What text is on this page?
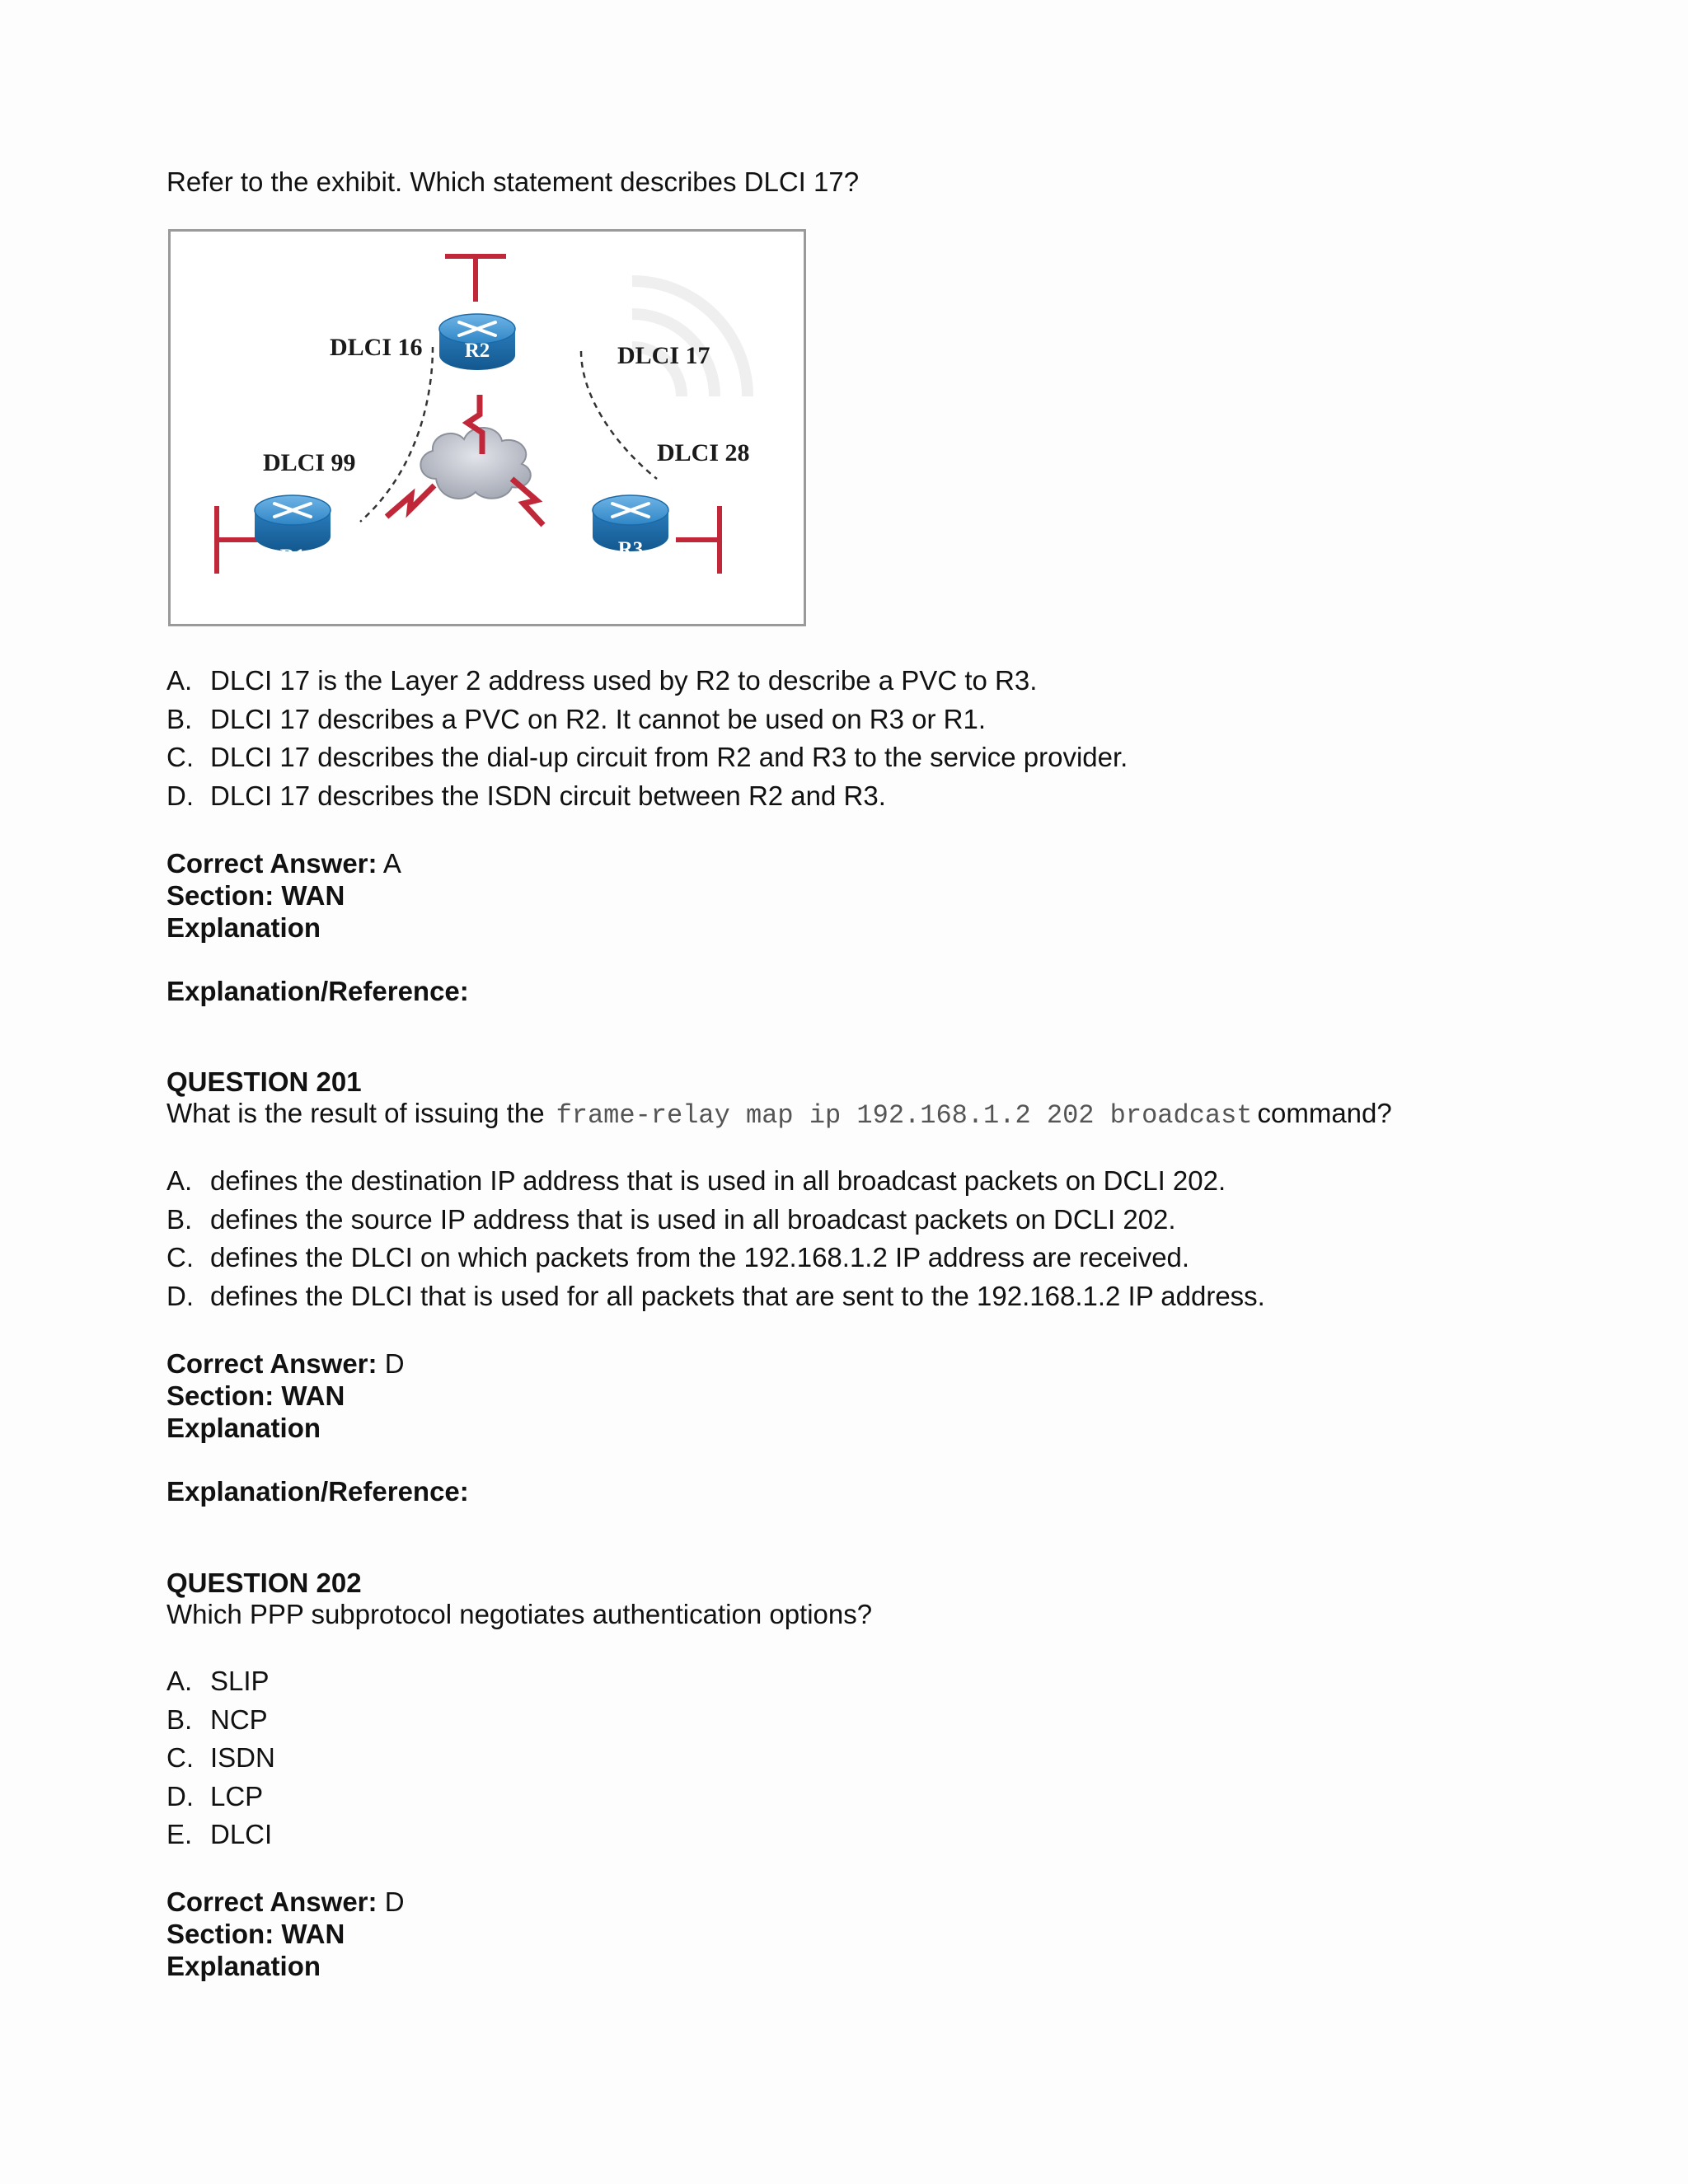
Refer to the exhibit. Which statement describes DLCI 17?
R2
R1	R3
DLCI 16	DLCI 17
DLCI 99	DLCI 28
A. DLCI 17 is the Layer 2 address used by R2 to describe a PVC to R3.
B. DLCI 17 describes a PVC on R2. It cannot be used on R3 or R1.
C. DLCI 17 describes the dial-up circuit from R2 and R3 to the service provider.
D. DLCI 17 describes the ISDN circuit between R2 and R3.
Correct Answer: A
Section: WAN
Explanation
Explanation/Reference:
QUESTION 201
What is the result of issuing the frame-relay map ip 192.168.1.2 202 broadcast command?
A. defines the destination IP address that is used in all broadcast packets on DCLI 202.
B. defines the source IP address that is used in all broadcast packets on DCLI 202.
C. defines the DLCI on which packets from the 192.168.1.2 IP address are received.
D. defines the DLCI that is used for all packets that are sent to the 192.168.1.2 IP address.
Correct Answer: D
Section: WAN
Explanation
Explanation/Reference:
QUESTION 202
Which PPP subprotocol negotiates authentication options?
A. SLIP
B. NCP
C. ISDN
D. LCP
E. DLCI
Correct Answer: D
Section: WAN
Explanation
